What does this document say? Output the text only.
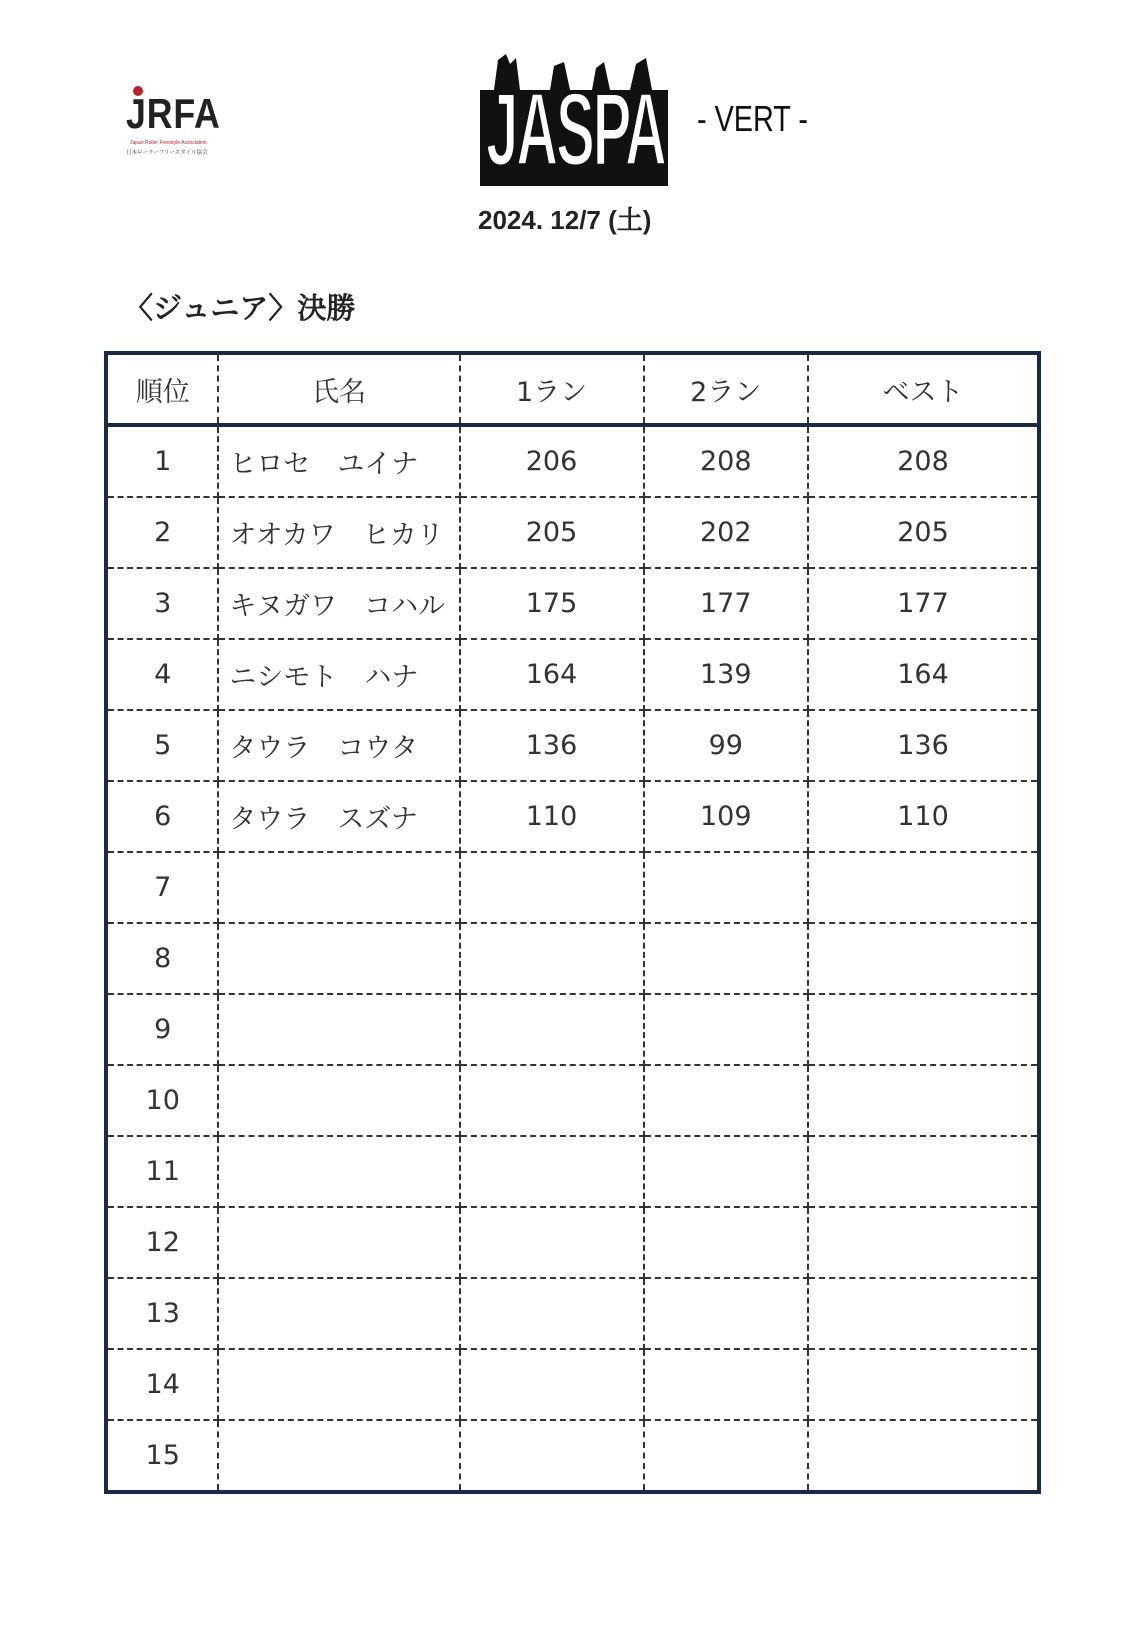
JRFA
Japan Roller Freestyle Association
日本ローラーフリースタイル協会	JASPA - VERT -
2024. 12/7 (土)
〈ジュニア〉決勝
順位	氏名	1ラン	2ラン	ベスト
1	ヒロセ　ユイナ	206	208	208
2	オオカワ　ヒカリ	205	202	205
3	キヌガワ　コハル	175	177	177
4	ニシモト　ハナ	164	139	164
5	タウラ　コウタ	136	99	136
6	タウラ　スズナ	110	109	110
7				
8				
9				
10				
11				
12				
13				
14				
15				
